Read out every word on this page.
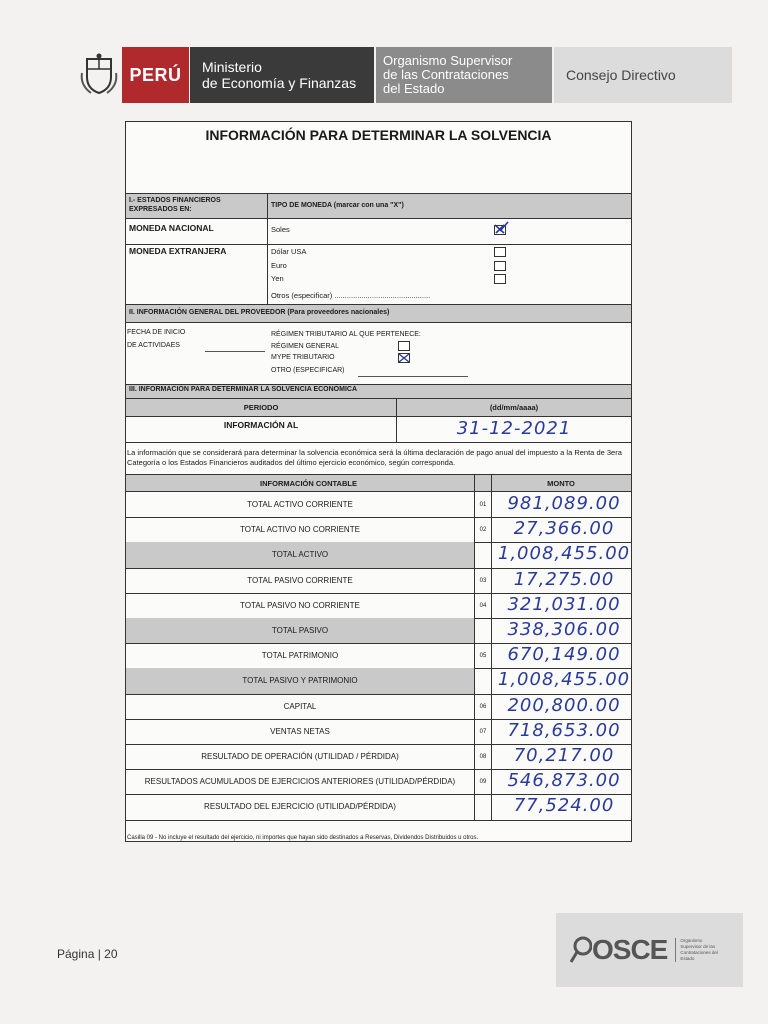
PERÚ	Ministerio
de Economía y Finanzas
Organismo Supervisor
de las Contrataciones
del Estado
Consejo Directivo
INFORMACIÓN PARA DETERMINAR LA SOLVENCIA
I.- ESTADOS FINANCIEROS EXPRESADOS EN:
TIPO DE MONEDA (marcar con una "X")
MONEDA NACIONAL	Soles
MONEDA EXTRANJERA	Dólar USA
Euro
Yen
Otros (especificar) ..............................................
II. INFORMACIÓN GENERAL DEL PROVEEDOR (Para proveedores nacionales)
FECHA DE INICIO
DE ACTIVIDAES
RÉGIMEN TRIBUTARIO AL QUE PERTENECE:
RÉGIMEN GENERAL
MYPE TRIBUTARIO
OTRO (ESPECIFICAR)
III. INFORMACIÓN PARA DETERMINAR LA SOLVENCIA ECONÓMICA
PERIODO	(dd/mm/aaaa)
INFORMACIÓN AL	31-12-2021
La información que se considerará para determinar la solvencia económica será la última declaración de pago anual del impuesto a la Renta de 3era Categoría o los Estados Financieros auditados del último ejercicio económico, según corresponda.
INFORMACIÓN CONTABLE	MONTO
TOTAL ACTIVO CORRIENTE	01	981,089.00
TOTAL ACTIVO NO CORRIENTE	02	27,366.00
TOTAL ACTIVO	1,008,455.00
TOTAL PASIVO CORRIENTE	03	17,275.00
TOTAL PASIVO NO CORRIENTE	04	321,031.00
TOTAL PASIVO	338,306.00
TOTAL PATRIMONIO	05	670,149.00
TOTAL PASIVO Y PATRIMONIO	1,008,455.00
CAPITAL	06	200,800.00
VENTAS NETAS	07	718,653.00
RESULTADO DE OPERACIÓN (UTILIDAD / PÉRDIDA)	08	70,217.00
RESULTADOS ACUMULADOS DE EJERCICIOS ANTERIORES (UTILIDAD/PÉRDIDA)	09	546,873.00
RESULTADO DEL EJERCICIO (UTILIDAD/PÉRDIDA)	77,524.00
Casilla 09 - No incluye el resultado del ejercicio, ni importes que hayan sido destinados a Reservas, Dividendos Distribuidos u otros.
Página | 20	OSCE	Organismo Supervisor de las Contrataciones del Estado
